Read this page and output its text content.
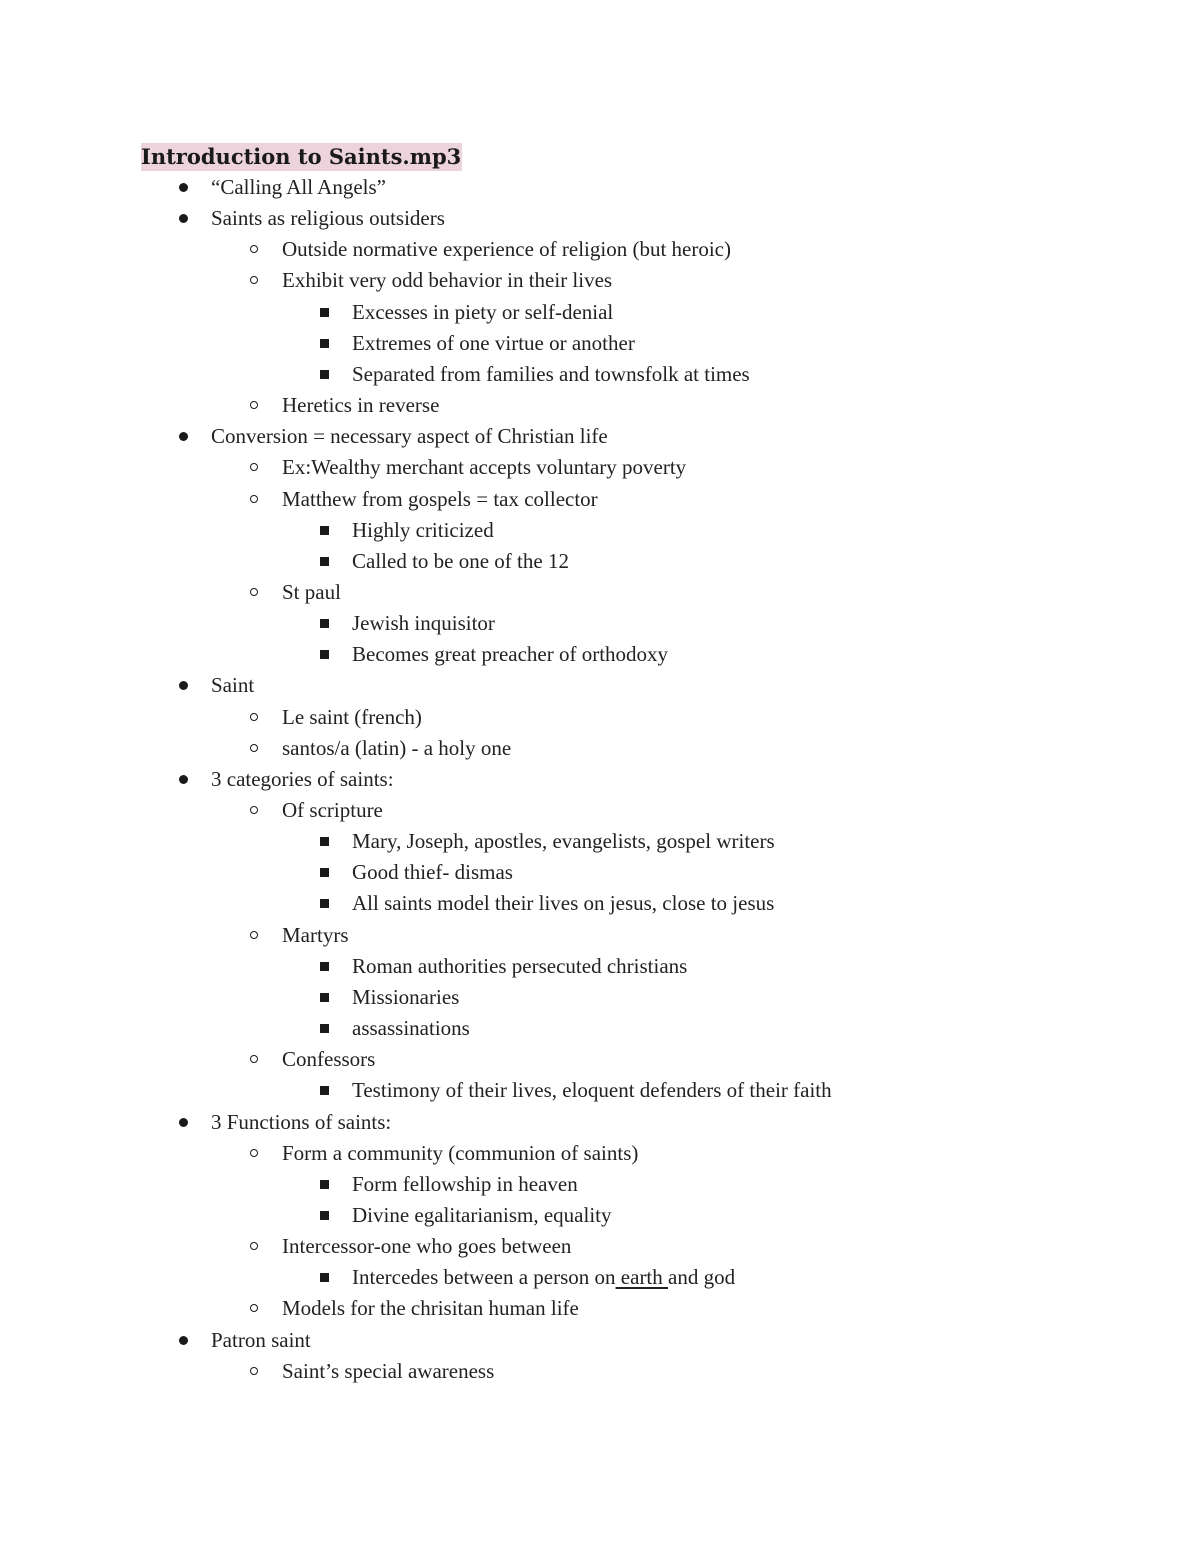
Introduction to Saints.mp3
“Calling All Angels”
Saints as religious outsiders
Outside normative experience of religion (but heroic)
Exhibit very odd behavior in their lives
Excesses in piety or self-denial
Extremes of one virtue or another
Separated from families and townsfolk at times
Heretics in reverse
Conversion = necessary aspect of Christian life
Ex:Wealthy merchant accepts voluntary poverty
Matthew from gospels = tax collector
Highly criticized
Called to be one of the 12
St paul
Jewish inquisitor
Becomes great preacher of orthodoxy
Saint
Le saint (french)
santos/a (latin) - a holy one
3 categories of saints:
Of scripture
Mary, Joseph, apostles, evangelists, gospel writers
Good thief- dismas
All saints model their lives on jesus, close to jesus
Martyrs
Roman authorities persecuted christians
Missionaries
assassinations
Confessors
Testimony of their lives, eloquent defenders of their faith
3 Functions of saints:
Form a community (communion of saints)
Form fellowship in heaven
Divine egalitarianism, equality
Intercessor-one who goes between
Intercedes between a person on earth and god
Models for the chrisitan human life
Patron saint
Saint’s special awareness
